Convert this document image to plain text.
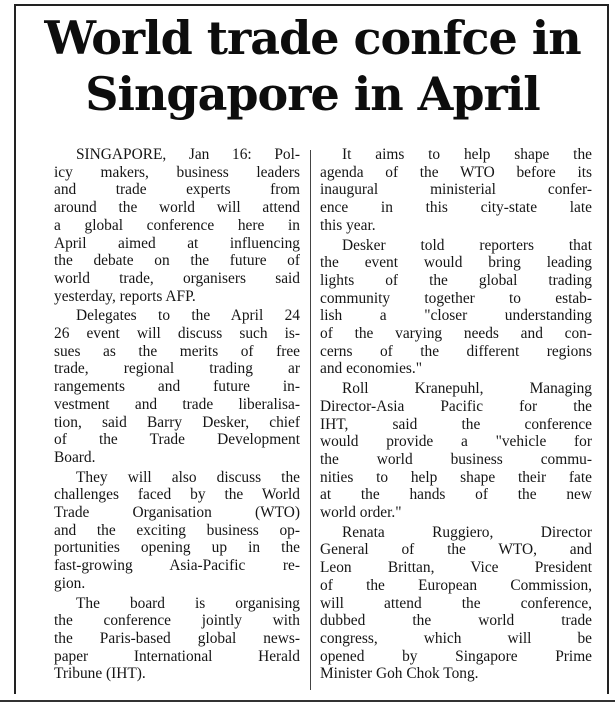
World trade confce in
Singapore in April
SINGAPORE, Jan 16: Pol-
icy makers, business leaders
and trade experts from
around the world will attend
a global conference here in
April aimed at influencing
the debate on the future of
world trade, organisers said
yesterday, reports AFP.
Delegates to the April 24
26 event will discuss such is-
sues as the merits of free
trade, regional trading ar
rangements and future in-
vestment and trade liberalisa-
tion, said Barry Desker, chief
of the Trade Development
Board.
They will also discuss the
challenges faced by the World
Trade Organisation (WTO)
and the exciting business op-
portunities opening up in the
fast-growing Asia-Pacific re-
gion.
The board is organising
the conference jointly with
the Paris-based global news-
paper International Herald
Tribune (IHT).
It aims to help shape the
agenda of the WTO before its
inaugural ministerial confer-
ence in this city-state late
this year.
Desker told reporters that
the event would bring leading
lights of the global trading
community together to estab-
lish a "closer understanding
of the varying needs and con-
cerns of the different regions
and economies."
Roll Kranepuhl, Managing
Director-Asia Pacific for the
IHT, said the conference
would provide a "vehicle for
the world business commu-
nities to help shape their fate
at the hands of the new
world order."
Renata Ruggiero, Director
General of the WTO, and
Leon Brittan, Vice President
of the European Commission,
will attend the conference,
dubbed the world trade
congress, which will be
opened by Singapore Prime
Minister Goh Chok Tong.
